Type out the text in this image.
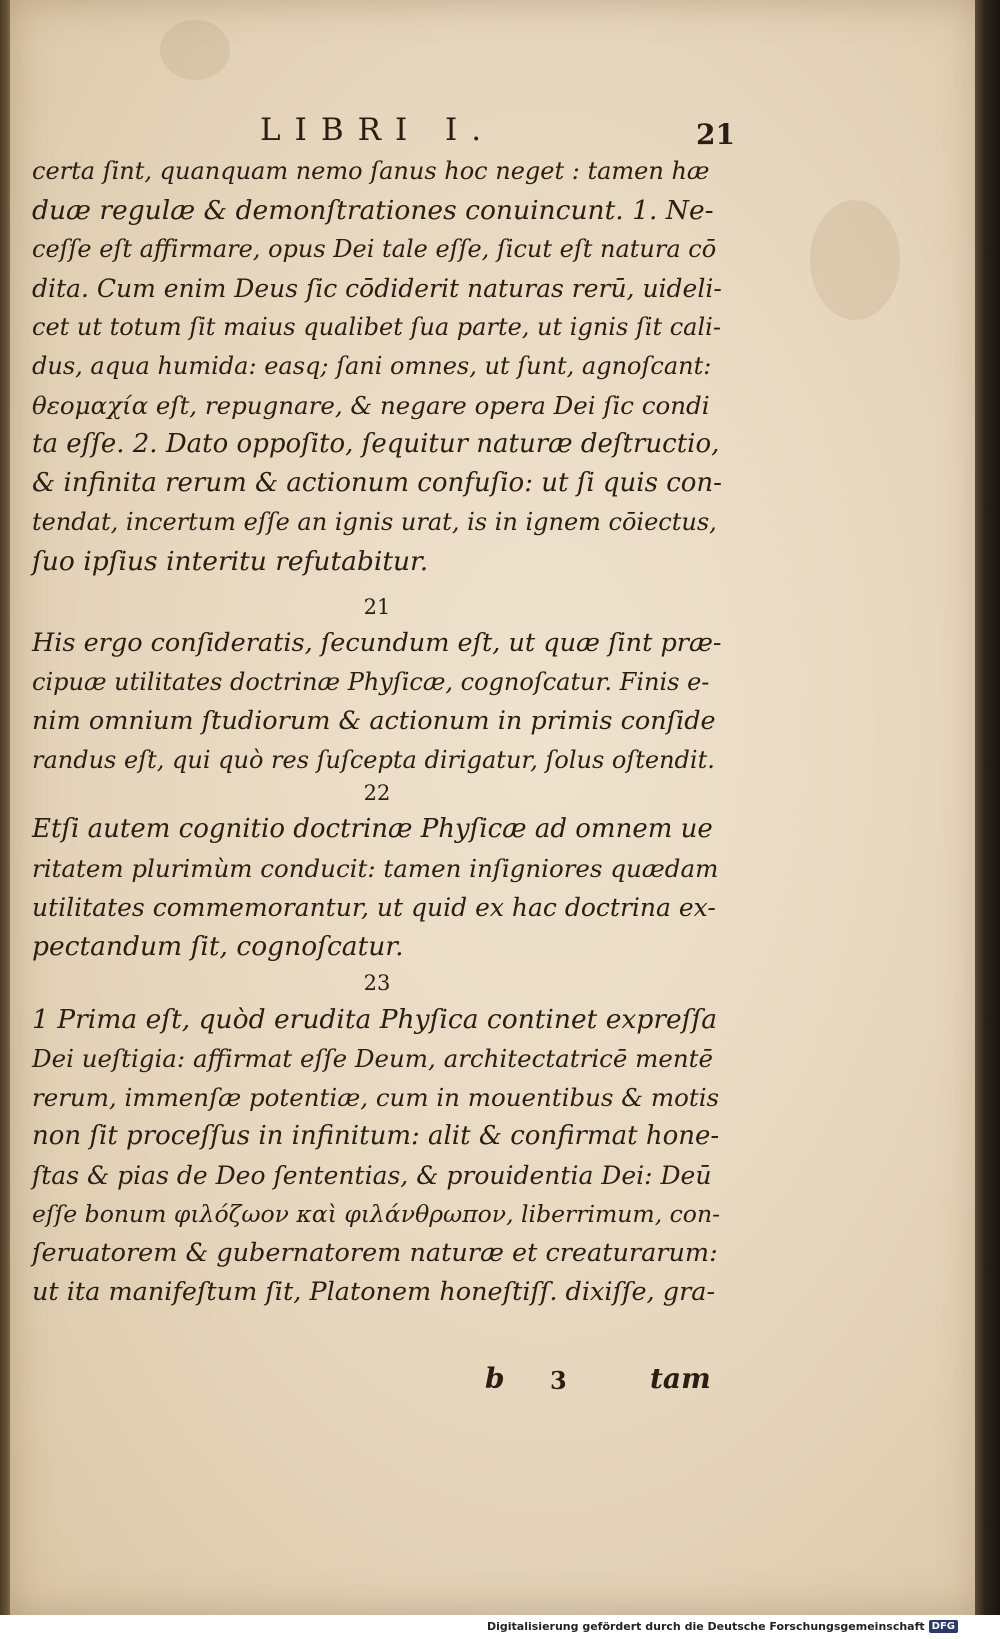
LIBRI I.	21
certa ſint, quanquam nemo ſanus hoc neget : tamen hæ
duæ regulæ & demonſtrationes conuincunt. 1. Ne-
ceſſe eſt affirmare, opus Dei tale eſſe, ſicut eſt natura cō
dita. Cum enim Deus ſic cōdiderit naturas rerū, uideli-
cet ut totum ſit maius qualibet ſua parte, ut ignis ſit cali-
dus, aqua humida: easq; ſani omnes, ut ſunt, agnoſcant:
θεομαχία eſt, repugnare, & negare opera Dei ſic condi
ta eſſe. 2. Dato oppoſito, ſequitur naturæ deſtructio,
& infinita rerum & actionum confuſio: ut ſi quis con-
tendat, incertum eſſe an ignis urat, is in ignem cōiectus,
ſuo ipſius interitu refutabitur.
21
His ergo conſideratis, ſecundum eſt, ut quæ ſint præ-
cipuæ utilitates doctrinæ Phyſicæ, cognoſcatur. Finis e-
nim omnium ſtudiorum & actionum in primis conſide
randus eſt, qui quò res ſuſcepta dirigatur, ſolus oſtendit.
22
Etſi autem cognitio doctrinæ Phyſicæ ad omnem ue
ritatem plurimùm conducit: tamen inſigniores quædam
utilitates commemorantur, ut quid ex hac doctrina ex-
pectandum ſit, cognoſcatur.
23
1 Prima eſt, quòd erudita Phyſica continet expreſſa
Dei ueſtigia: affirmat eſſe Deum, architectatricē mentē
rerum, immenſæ potentiæ, cum in mouentibus & motis
non ſit proceſſus in infinitum: alit & confirmat hone-
ſtas & pias de Deo ſententias, & prouidentia Dei: Deū
eſſe bonum φιλόζωον καὶ φιλάνθρωπον, liberrimum, con-
ſeruatorem & gubernatorem naturæ et creaturarum:
ut ita manifeſtum ſit, Platonem honeſtiſſ. dixiſſe, gra-
b 3	tam
Digitalisierung gefördert durch die Deutsche Forschungsgemeinschaft DFG
